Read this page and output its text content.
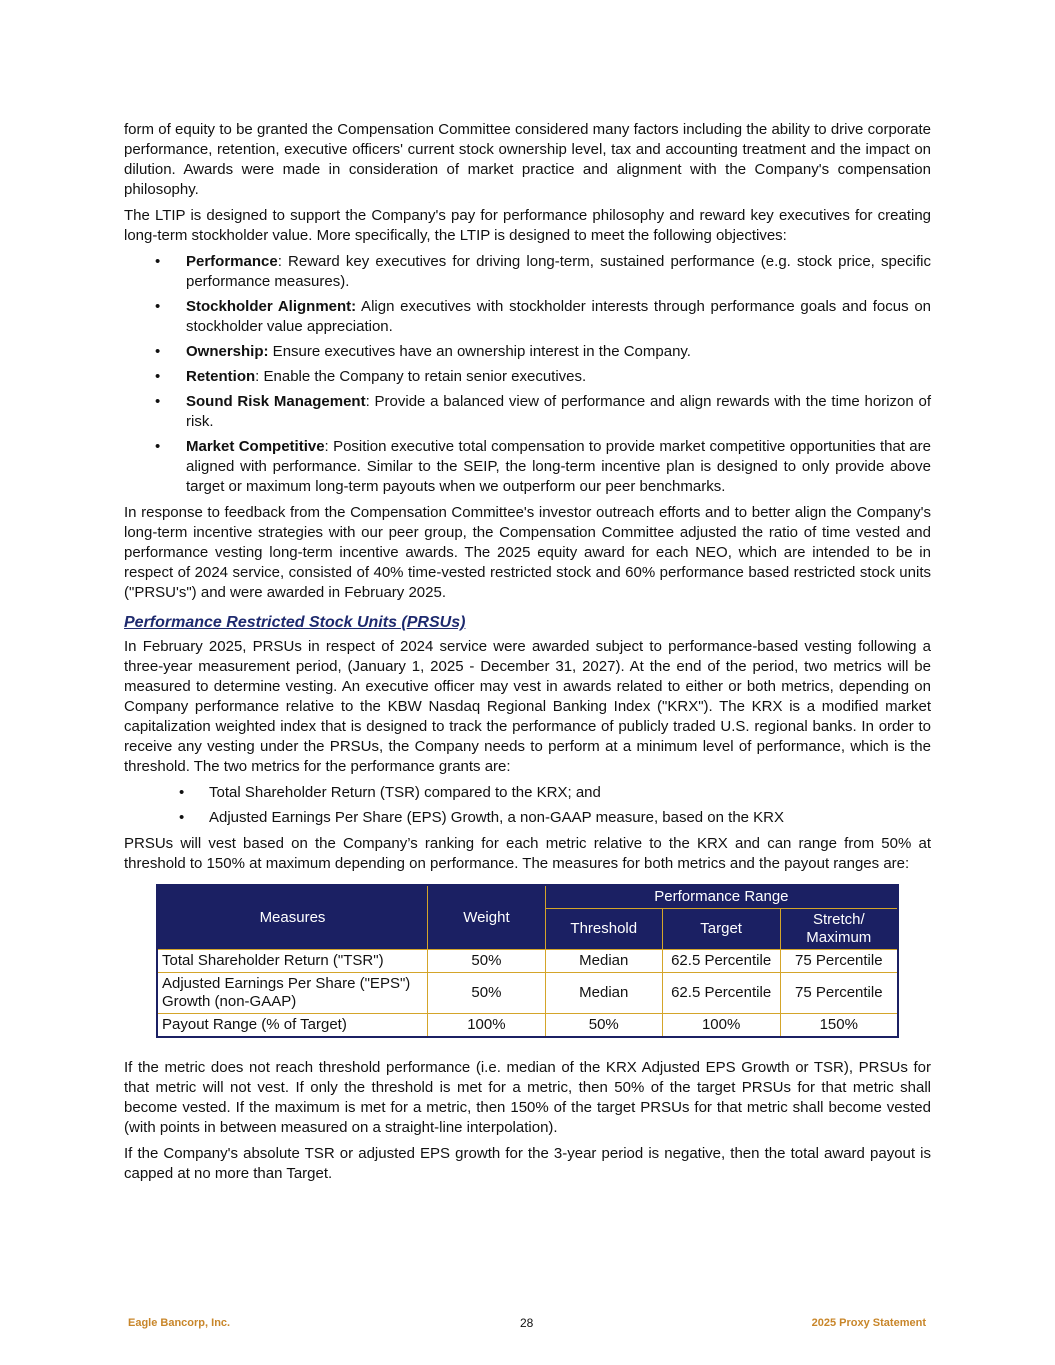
form of equity to be granted the Compensation Committee considered many factors including the ability to drive corporate performance, retention, executive officers' current stock ownership level, tax and accounting treatment and the impact on dilution. Awards were made in consideration of market practice and alignment with the Company's compensation philosophy.

The LTIP is designed to support the Company's pay for performance philosophy and reward key executives for creating long-term stockholder value. More specifically, the LTIP is designed to meet the following objectives:

• Performance: Reward key executives for driving long-term, sustained performance (e.g. stock price, specific performance measures).
• Stockholder Alignment: Align executives with stockholder interests through performance goals and focus on stockholder value appreciation.
• Ownership: Ensure executives have an ownership interest in the Company.
• Retention: Enable the Company to retain senior executives.
• Sound Risk Management: Provide a balanced view of performance and align rewards with the time horizon of risk.
• Market Competitive: Position executive total compensation to provide market competitive opportunities that are aligned with performance. Similar to the SEIP, the long-term incentive plan is designed to only provide above target or maximum long-term payouts when we outperform our peer benchmarks.

In response to feedback from the Compensation Committee's investor outreach efforts and to better align the Company's long-term incentive strategies with our peer group, the Compensation Committee adjusted the ratio of time vested and performance vesting long-term incentive awards. The 2025 equity award for each NEO, which are intended to be in respect of 2024 service, consisted of 40% time-vested restricted stock and 60% performance based restricted stock units ("PRSU's") and were awarded in February 2025.

Performance Restricted Stock Units (PRSUs)

In February 2025, PRSUs in respect of 2024 service were awarded subject to performance-based vesting following a three-year measurement period, (January 1, 2025 - December 31, 2027). At the end of the period, two metrics will be measured to determine vesting. An executive officer may vest in awards related to either or both metrics, depending on Company performance relative to the KBW Nasdaq Regional Banking Index ("KRX"). The KRX is a modified market capitalization weighted index that is designed to track the performance of publicly traded U.S. regional banks. In order to receive any vesting under the PRSUs, the Company needs to perform at a minimum level of performance, which is the threshold. The two metrics for the performance grants are:

• Total Shareholder Return (TSR) compared to the KRX; and
• Adjusted Earnings Per Share (EPS) Growth, a non-GAAP measure, based on the KRX

PRSUs will vest based on the Company’s ranking for each metric relative to the KRX and can range from 50% at threshold to 150% at maximum depending on performance. The measures for both metrics and the payout ranges are:

Measures	Weight	Performance Range		
		Threshold	Target	Stretch/ Maximum
Total Shareholder Return ("TSR")	50%	Median	62.5 Percentile	75 Percentile
Adjusted Earnings Per Share ("EPS") Growth (non-GAAP)	50%	Median	62.5 Percentile	75 Percentile
Payout Range (% of Target)	100%	50%	100%	150%

If the metric does not reach threshold performance (i.e. median of the KRX Adjusted EPS Growth or TSR), PRSUs for that metric will not vest. If only the threshold is met for a metric, then 50% of the target PRSUs for that metric shall become vested. If the maximum is met for a metric, then 150% of the target PRSUs for that metric shall become vested (with points in between measured on a straight-line interpolation).

If the Company's absolute TSR or adjusted EPS growth for the 3-year period is negative, then the total award payout is capped at no more than Target.

Eagle Bancorp, Inc.	28	2025 Proxy Statement
